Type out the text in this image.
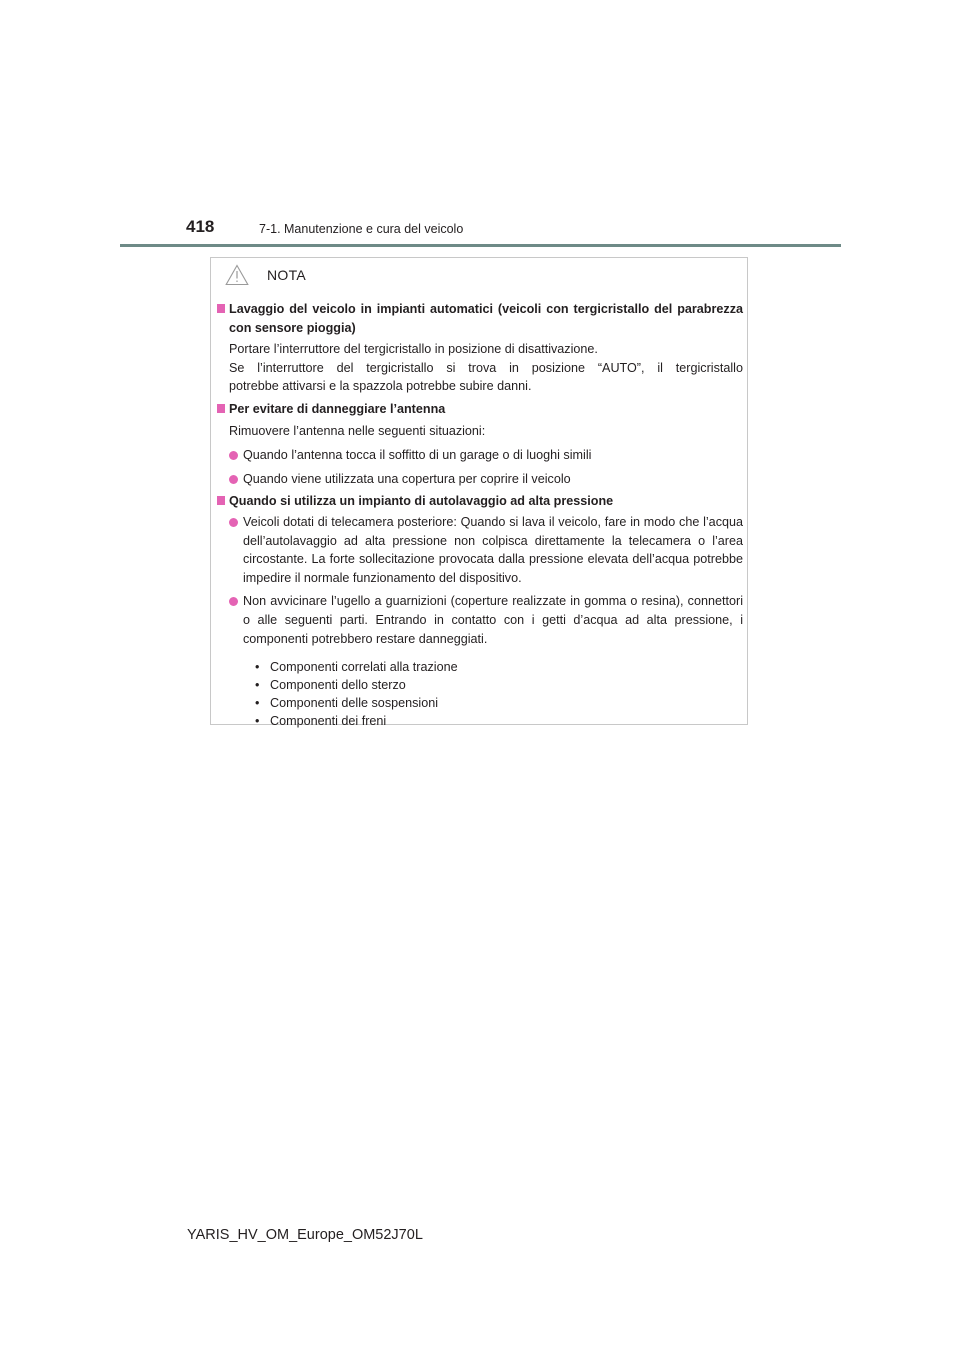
418	7-1. Manutenzione e cura del veicolo
NOTA
Lavaggio del veicolo in impianti automatici (veicoli con tergicristallo del parabrezza con sensore pioggia)
Portare l’interruttore del tergicristallo in posizione di disattivazione.
Se l’interruttore del tergicristallo si trova in posizione “AUTO”, il tergicristallo
potrebbe attivarsi e la spazzola potrebbe subire danni.
Per evitare di danneggiare l’antenna
Rimuovere l’antenna nelle seguenti situazioni:
Quando l’antenna tocca il soffitto di un garage o di luoghi simili
Quando viene utilizzata una copertura per coprire il veicolo
Quando si utilizza un impianto di autolavaggio ad alta pressione
Veicoli dotati di telecamera posteriore: Quando si lava il veicolo, fare in modo che l’acqua dell’autolavaggio ad alta pressione non colpisca direttamente la telecamera o l’area circostante. La forte sollecitazione provocata dalla pressione elevata dell’acqua potrebbe impedire il normale funzionamento del dispositivo.
Non avvicinare l’ugello a guarnizioni (coperture realizzate in gomma o resina), connettori o alle seguenti parti. Entrando in contatto con i getti d’acqua ad alta pressione, i componenti potrebbero restare danneggiati.
• Componenti correlati alla trazione
• Componenti dello sterzo
• Componenti delle sospensioni
• Componenti dei freni
YARIS_HV_OM_Europe_OM52J70L
